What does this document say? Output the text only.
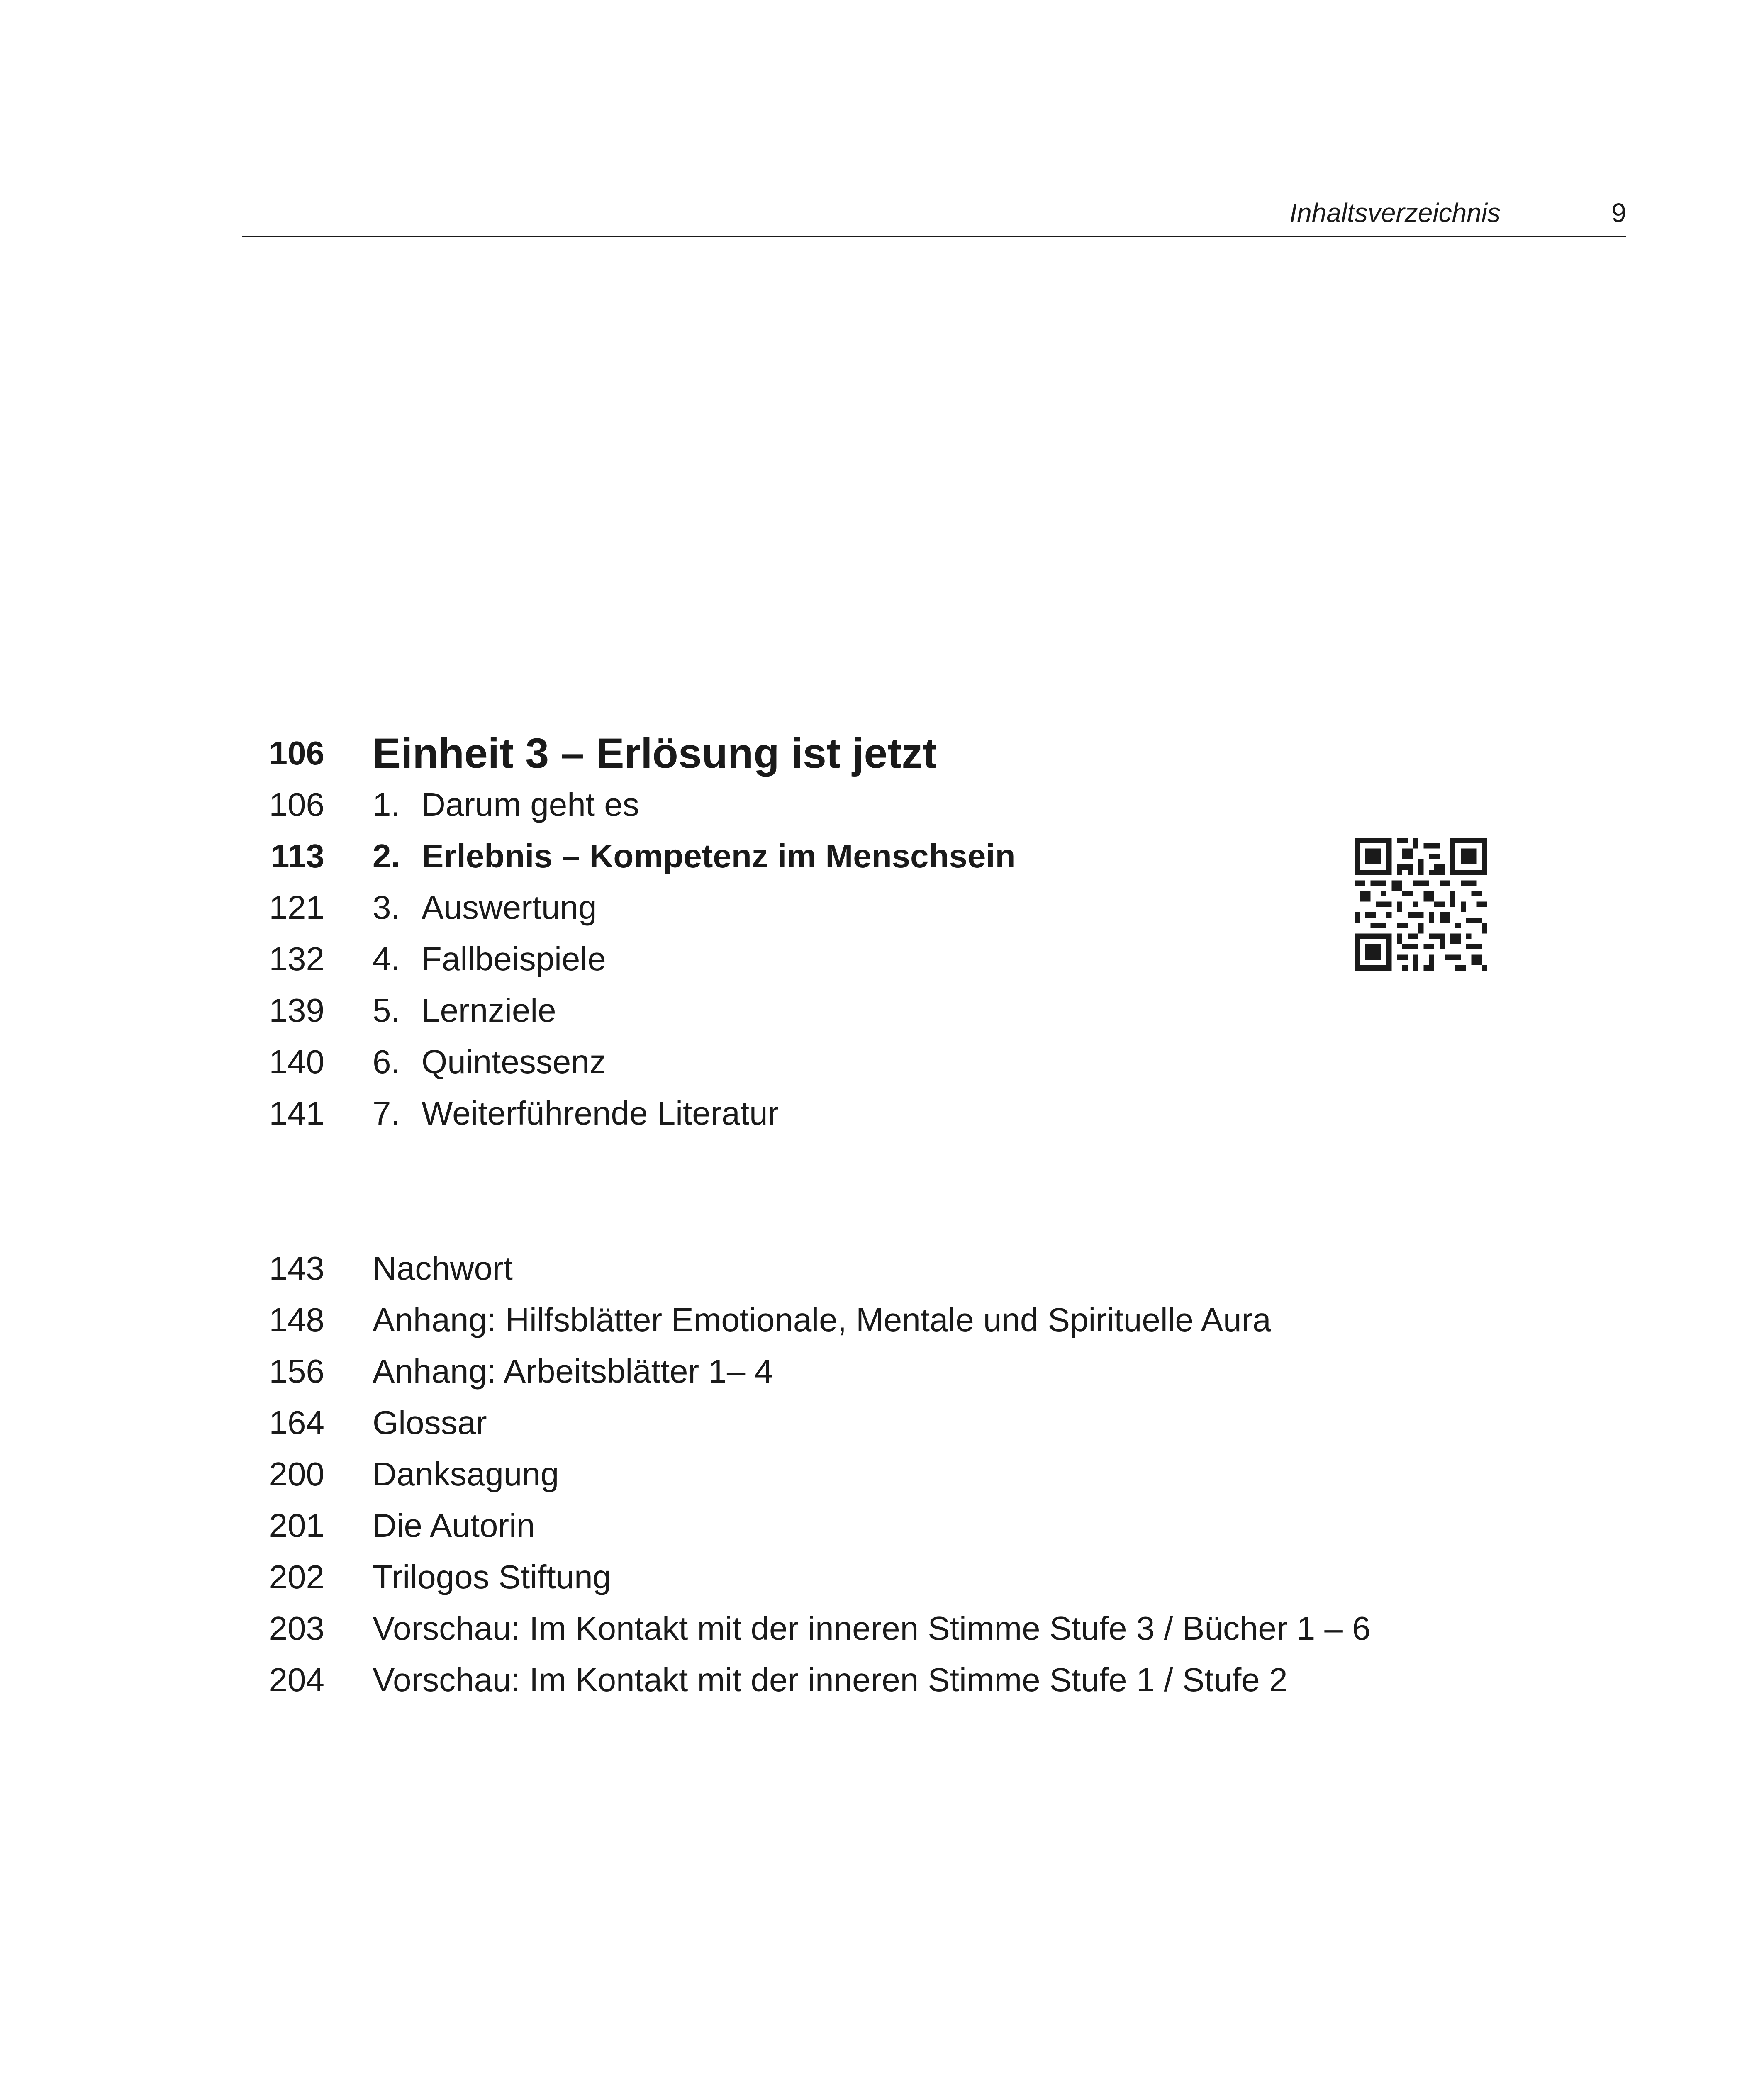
Inhaltsverzeichnis	9
106 Einheit 3 – Erlösung ist jetzt
106 1. Darum geht es
113 2. Erlebnis – Kompetenz im Menschsein
121 3. Auswertung
132 4. Fallbeispiele
139 5. Lernziele
140 6. Quintessenz
141 7. Weiterführende Literatur
143 Nachwort
148 Anhang: Hilfsblätter Emotionale, Mentale und Spirituelle Aura
156 Anhang: Arbeitsblätter 1– 4
164 Glossar
200 Danksagung
201 Die Autorin
202 Trilogos Stiftung
203 Vorschau: Im Kontakt mit der inneren Stimme Stufe 3 / Bücher 1 – 6
204 Vorschau: Im Kontakt mit der inneren Stimme Stufe 1 / Stufe 2
